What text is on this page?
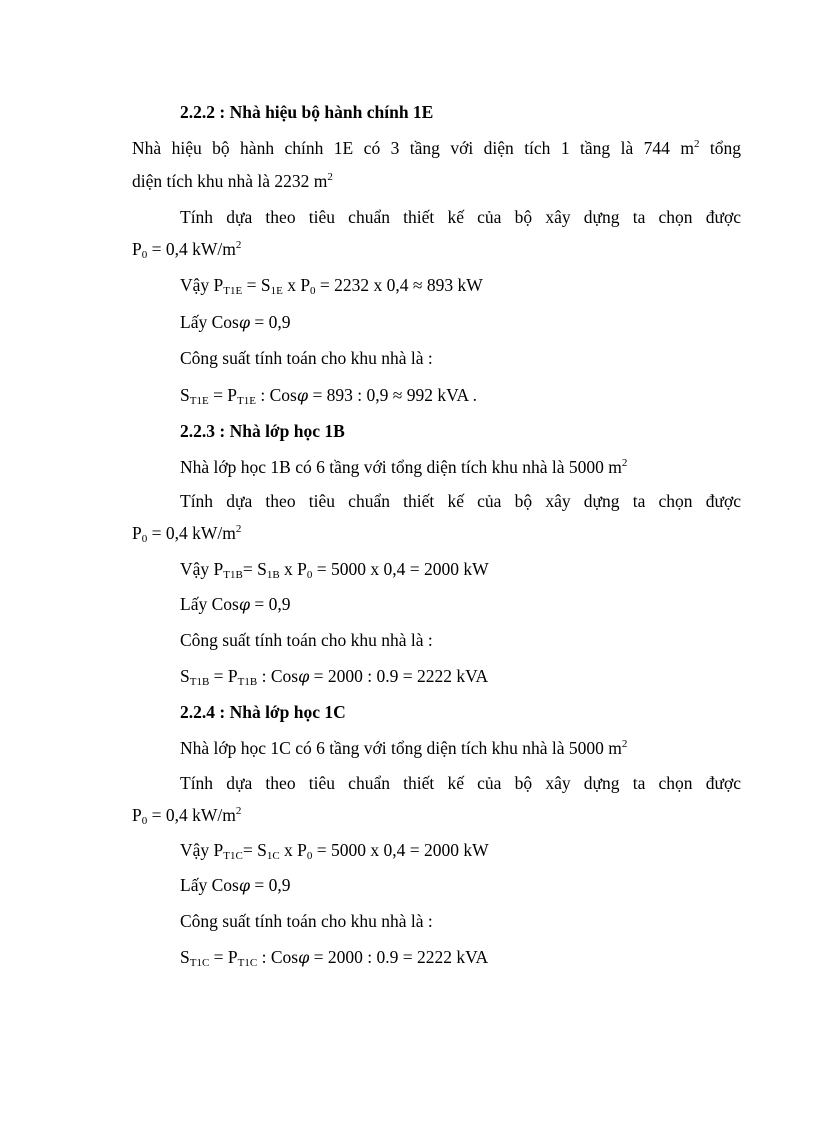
2.2.2 : Nhà hiệu bộ hành chính 1E
Nhà hiệu bộ hành chính 1E có 3 tầng với diện tích 1 tầng là 744 $m^2$ tổng
diện tích khu nhà là 2232 $m^2$
Tính dựa theo tiêu chuẩn thiết kế của bộ xây dựng ta chọn được
$P_0 = 0,4$ $kW/m^2$
Vậy $P_{T1E} = S_{1E}$ x $P_0 = 2232$ x 0,4 ≈ 893 kW
Lấy Cosφ = 0,9
Công suất tính toán cho khu nhà là :
$S_{T1E} = P_{T1E}$ : Cosφ = 893 : 0,9 ≈ 992 kVA .
2.2.3 : Nhà lớp học 1B
Nhà lớp học 1B có 6 tầng với tổng diện tích khu nhà là 5000 $m^2$
Tính dựa theo tiêu chuẩn thiết kế của bộ xây dựng ta chọn được
$P_0 = 0,4$ $kW/m^2$
Vậy $P_{T1B}= S_{1B}$ x $P_0 = 5000$ x 0,4 = 2000 kW
Lấy Cosφ = 0,9
Công suất tính toán cho khu nhà là :
$S_{T1B} = P_{T1B}$ : Cosφ = 2000 : 0.9 = 2222 kVA
2.2.4 : Nhà lớp học 1C
Nhà lớp học 1C có 6 tầng với tổng diện tích khu nhà là 5000 $m^2$
Tính dựa theo tiêu chuẩn thiết kế của bộ xây dựng ta chọn được
$P_0 = 0,4$ $kW/m^2$
Vậy $P_{T1C}= S_{1C}$ x $P_0 = 5000$ x 0,4 = 2000 kW
Lấy Cosφ = 0,9
Công suất tính toán cho khu nhà là :
$S_{T1C} = P_{T1C}$ : Cosφ = 2000 : 0.9 = 2222 kVA
